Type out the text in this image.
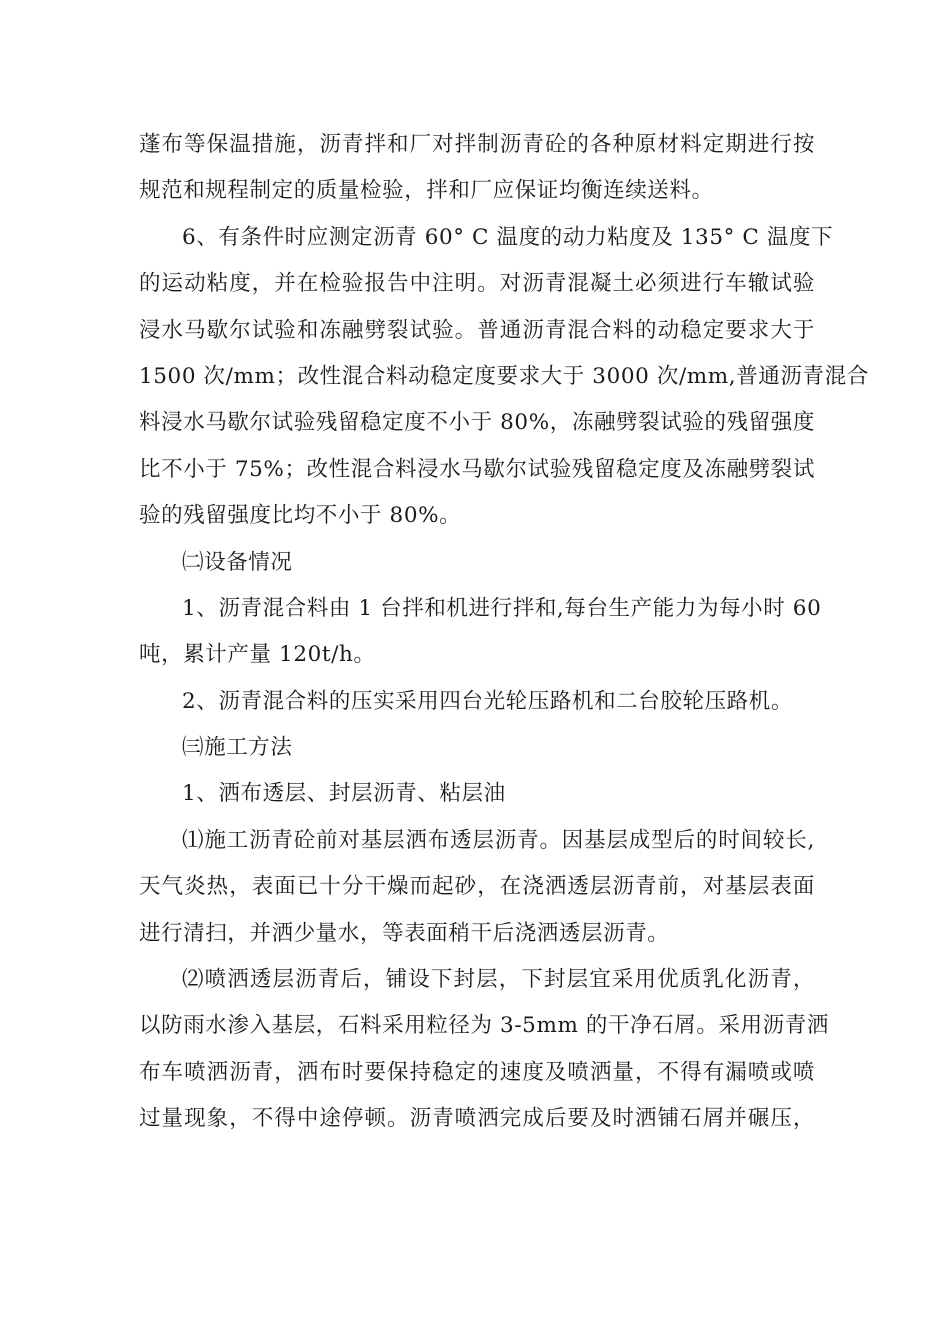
蓬布等保温措施，沥青拌和厂对拌制沥青砼的各种原材料定期进行按
规范和规程制定的质量检验，拌和厂应保证均衡连续送料。
6、有条件时应测定沥青 60° C 温度的动力粘度及 135° C 温度下
的运动粘度，并在检验报告中注明。对沥青混凝土必须进行车辙试验
浸水马歇尔试验和冻融劈裂试验。普通沥青混合料的动稳定要求大于
1500 次/mm；改性混合料动稳定度要求大于 3000 次/mm,普通沥青混合
料浸水马歇尔试验残留稳定度不小于 80%，冻融劈裂试验的残留强度
比不小于 75%；改性混合料浸水马歇尔试验残留稳定度及冻融劈裂试
验的残留强度比均不小于 80%。
㈡设备情况
1、沥青混合料由 1 台拌和机进行拌和,每台生产能力为每小时 60
吨，累计产量 120t/h。
2、沥青混合料的压实采用四台光轮压路机和二台胶轮压路机。
㈢施工方法
1、洒布透层、封层沥青、粘层油
⑴施工沥青砼前对基层洒布透层沥青。因基层成型后的时间较长,
天气炎热，表面已十分干燥而起砂，在浇洒透层沥青前，对基层表面
进行清扫，并洒少量水，等表面稍干后浇洒透层沥青。
⑵喷洒透层沥青后，铺设下封层，下封层宜采用优质乳化沥青，
以防雨水渗入基层，石料采用粒径为 3-5mm 的干净石屑。采用沥青洒
布车喷洒沥青，洒布时要保持稳定的速度及喷洒量，不得有漏喷或喷
过量现象，不得中途停顿。沥青喷洒完成后要及时洒铺石屑并碾压，
